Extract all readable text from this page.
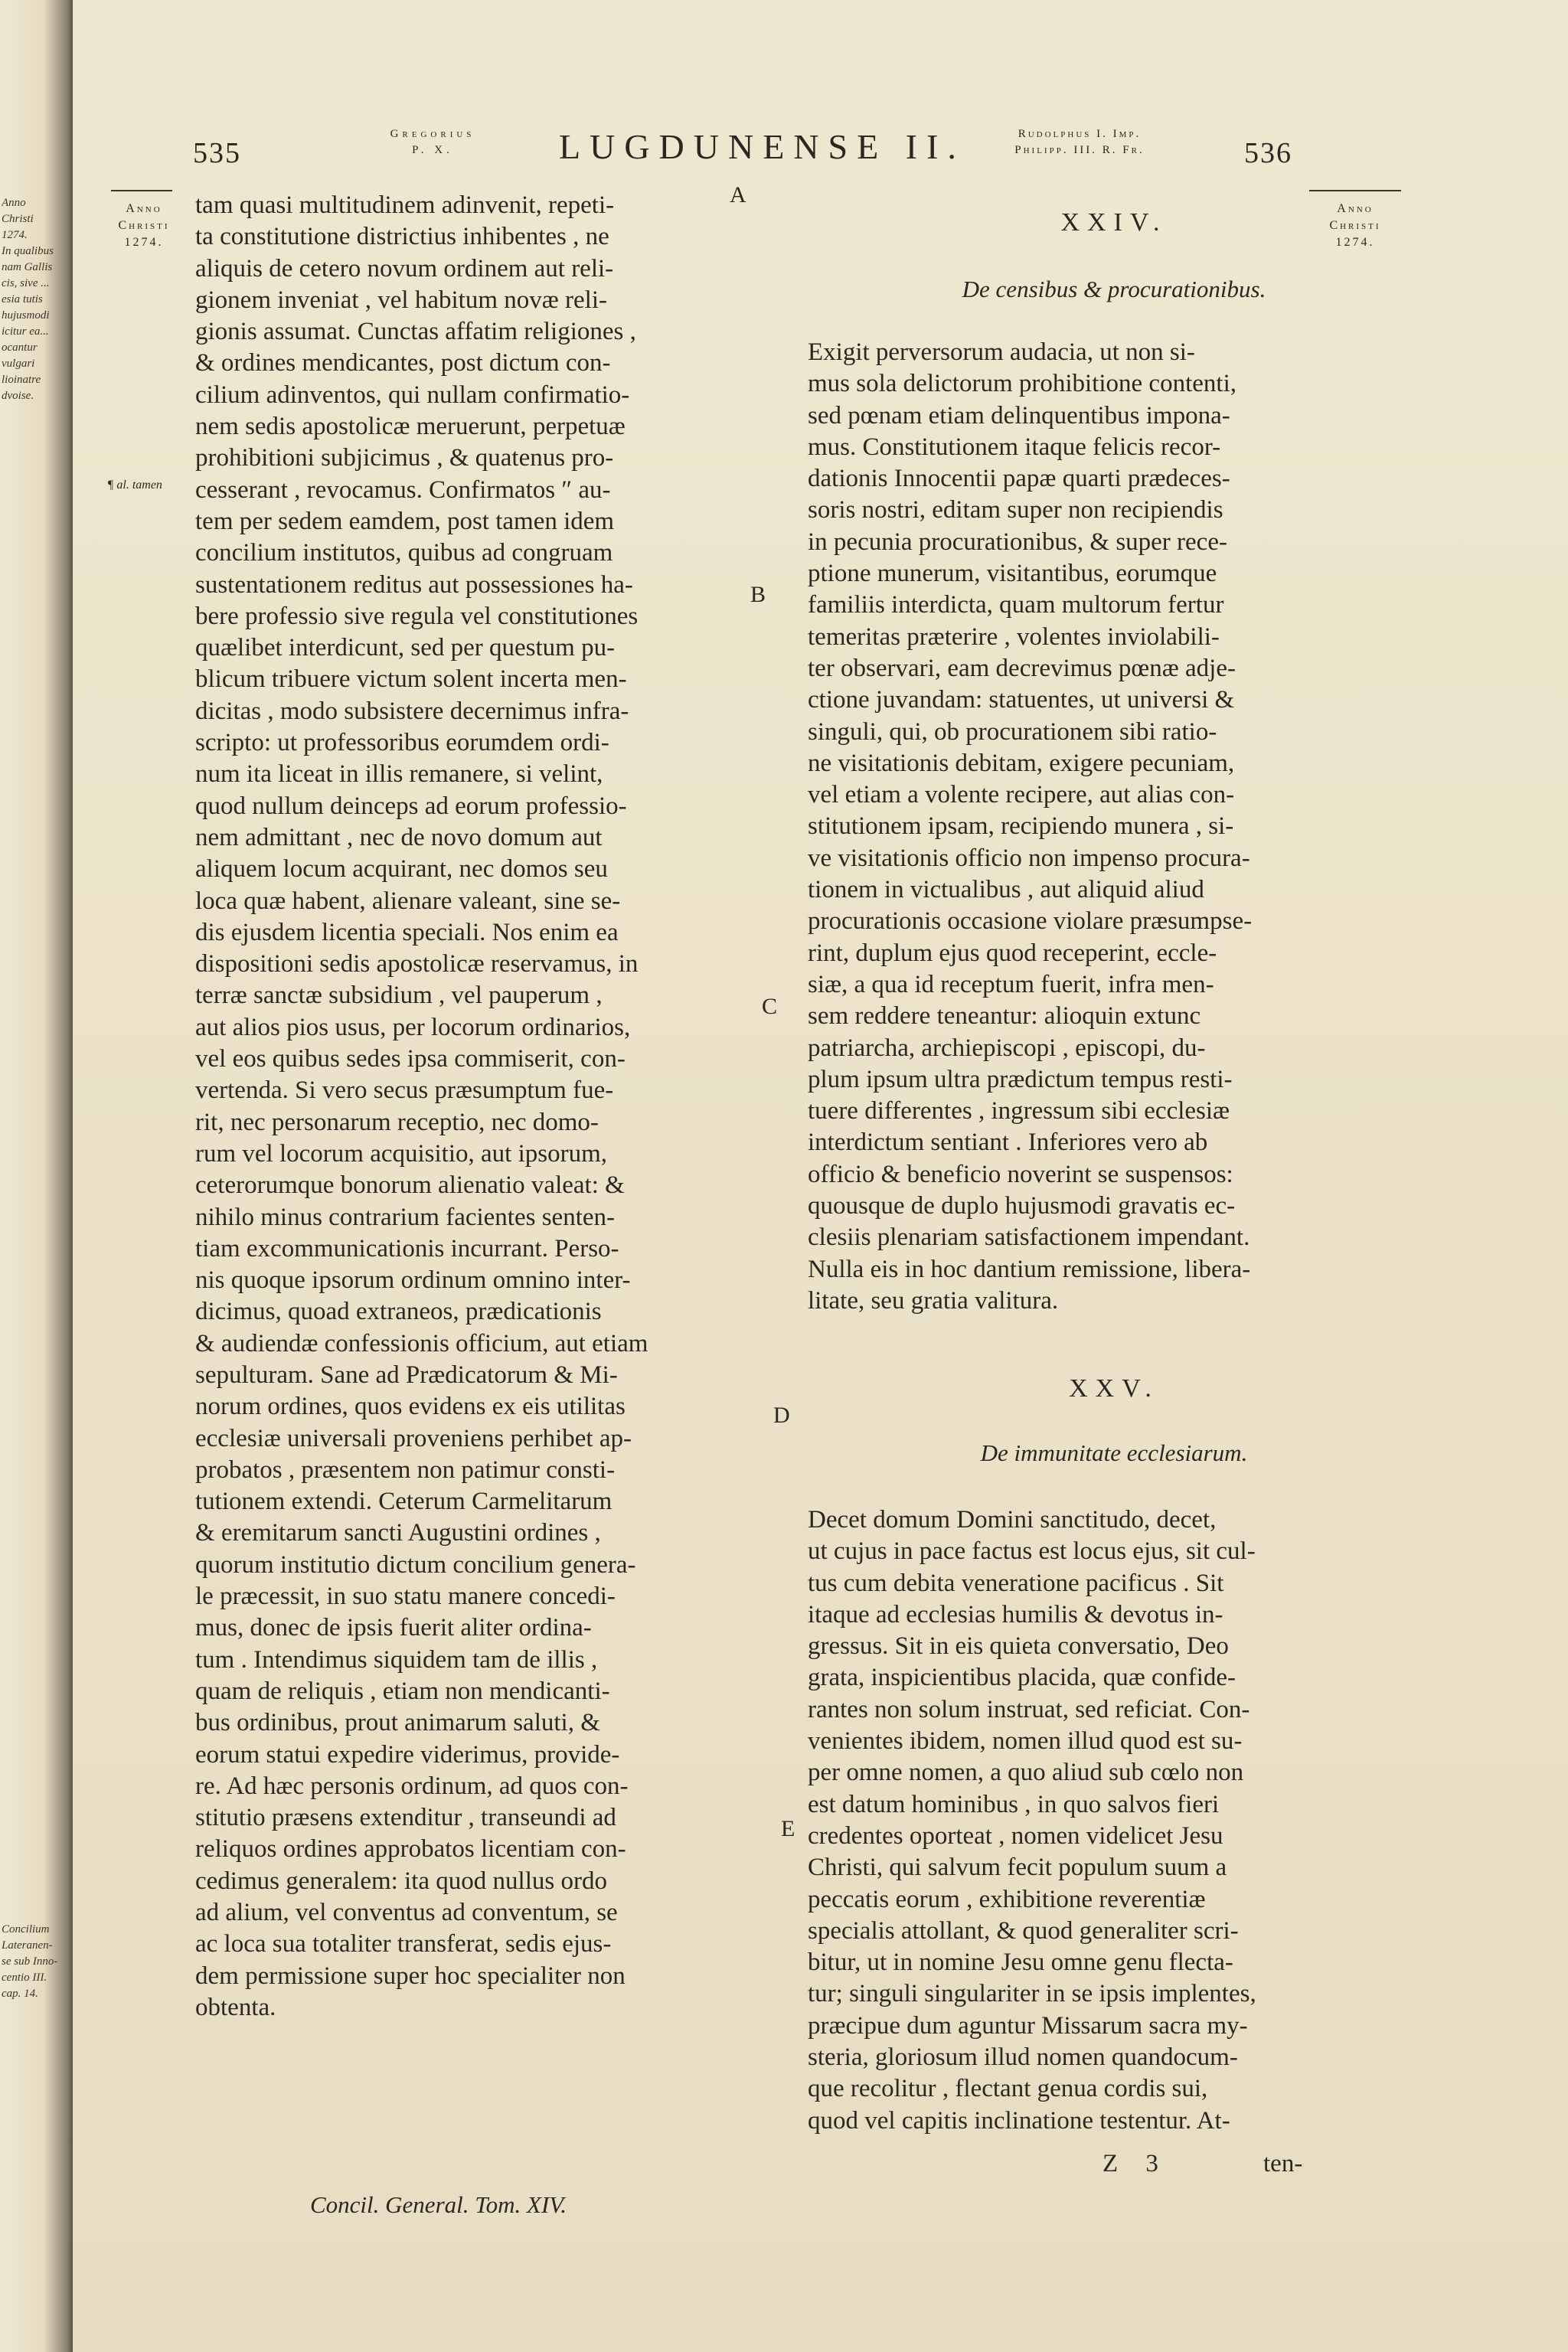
Anno
Christi
1274.
In qualibus
nam Gallis
cis, sive ...
esia tutis
hujusmodi
icitur ea...
ocantur
vulgari
lioinatre
dvoise.
Concilium
Lateranen-
se sub Inno-
centio III.
cap. 14.
535
Gregorius
P. X.	LUGDUNENSE II.	Rudolphus I. Imp.
Philipp. III. R. Fr.	536
Anno
Christi
1274.
¶ al. tamen
Anno
Christi
1274.
A
B
C
D
E
tam quasi multitudinem adinvenit, repeti-
ta constitutione districtius inhibentes , ne
aliquis de cetero novum ordinem aut reli-
gionem inveniat , vel habitum novæ reli-
gionis assumat. Cunctas affatim religiones ,
& ordines mendicantes, post dictum con-
cilium adinventos, qui nullam confirmatio-
nem sedis apostolicæ meruerunt, perpetuæ
prohibitioni subjicimus , & quatenus pro-
cesserant , revocamus. Confirmatos ″ au-
tem per sedem eamdem, post tamen idem
concilium institutos, quibus ad congruam
sustentationem reditus aut possessiones ha-
bere professio sive regula vel constitutiones
quælibet interdicunt, sed per questum pu-
blicum tribuere victum solent incerta men-
dicitas , modo subsistere decernimus infra-
scripto: ut professoribus eorumdem ordi-
num ita liceat in illis remanere, si velint,
quod nullum deinceps ad eorum professio-
nem admittant , nec de novo domum aut
aliquem locum acquirant, nec domos seu
loca quæ habent, alienare valeant, sine se-
dis ejusdem licentia speciali. Nos enim ea
dispositioni sedis apostolicæ reservamus, in
terræ sanctæ subsidium , vel pauperum ,
aut alios pios usus, per locorum ordinarios,
vel eos quibus sedes ipsa commiserit, con-
vertenda. Si vero secus præsumptum fue-
rit, nec personarum receptio, nec domo-
rum vel locorum acquisitio, aut ipsorum,
ceterorumque bonorum alienatio valeat: &
nihilo minus contrarium facientes senten-
tiam excommunicationis incurrant. Perso-
nis quoque ipsorum ordinum omnino inter-
dicimus, quoad extraneos, prædicationis
& audiendæ confessionis officium, aut etiam
sepulturam. Sane ad Prædicatorum & Mi-
norum ordines, quos evidens ex eis utilitas
ecclesiæ universali proveniens perhibet ap-
probatos , præsentem non patimur consti-
tutionem extendi. Ceterum Carmelitarum
& eremitarum sancti Augustini ordines ,
quorum institutio dictum concilium genera-
le præcessit, in suo statu manere concedi-
mus, donec de ipsis fuerit aliter ordina-
tum . Intendimus siquidem tam de illis ,
quam de reliquis , etiam non mendicanti-
bus ordinibus, prout animarum saluti, &
eorum statui expedire viderimus, provide-
re. Ad hæc personis ordinum, ad quos con-
stitutio præsens extenditur , transeundi ad
reliquos ordines approbatos licentiam con-
cedimus generalem: ita quod nullus ordo
ad alium, vel conventus ad conventum, se
ac loca sua totaliter transferat, sedis ejus-
dem permissione super hoc specialiter non
obtenta.
XXIV.
De censibus & procurationibus.
Exigit perversorum audacia, ut non si-
mus sola delictorum prohibitione contenti,
sed pœnam etiam delinquentibus impona-
mus. Constitutionem itaque felicis recor-
dationis Innocentii papæ quarti prædeces-
soris nostri, editam super non recipiendis
in pecunia procurationibus, & super rece-
ptione munerum, visitantibus, eorumque
familiis interdicta, quam multorum fertur
temeritas præterire , volentes inviolabili-
ter observari, eam decrevimus pœnæ adje-
ctione juvandam: statuentes, ut universi &
singuli, qui, ob procurationem sibi ratio-
ne visitationis debitam, exigere pecuniam,
vel etiam a volente recipere, aut alias con-
stitutionem ipsam, recipiendo munera , si-
ve visitationis officio non impenso procura-
tionem in victualibus , aut aliquid aliud
procurationis occasione violare præsumpse-
rint, duplum ejus quod receperint, eccle-
siæ, a qua id receptum fuerit, infra men-
sem reddere teneantur: alioquin extunc
patriarcha, archiepiscopi , episcopi, du-
plum ipsum ultra prædictum tempus resti-
tuere differentes , ingressum sibi ecclesiæ
interdictum sentiant . Inferiores vero ab
officio & beneficio noverint se suspensos:
quousque de duplo hujusmodi gravatis ec-
clesiis plenariam satisfactionem impendant.
Nulla eis in hoc dantium remissione, libera-
litate, seu gratia valitura.
XXV.
De immunitate ecclesiarum.
Decet domum Domini sanctitudo, decet,
ut cujus in pace factus est locus ejus, sit cul-
tus cum debita veneratione pacificus . Sit
itaque ad ecclesias humilis & devotus in-
gressus. Sit in eis quieta conversatio, Deo
grata, inspicientibus placida, quæ confide-
rantes non solum instruat, sed reficiat. Con-
venientes ibidem, nomen illud quod est su-
per omne nomen, a quo aliud sub cœlo non
est datum hominibus , in quo salvos fieri
credentes oporteat , nomen videlicet Jesu
Christi, qui salvum fecit populum suum a
peccatis eorum , exhibitione reverentiæ
specialis attollant, & quod generaliter scri-
bitur, ut in nomine Jesu omne genu flecta-
tur; singuli singulariter in se ipsis implentes,
præcipue dum aguntur Missarum sacra my-
steria, gloriosum illud nomen quandocum-
que recolitur , flectant genua cordis sui,
quod vel capitis inclinatione testentur. At-
Concil. General. Tom. XIV.
Z 3	ten-
